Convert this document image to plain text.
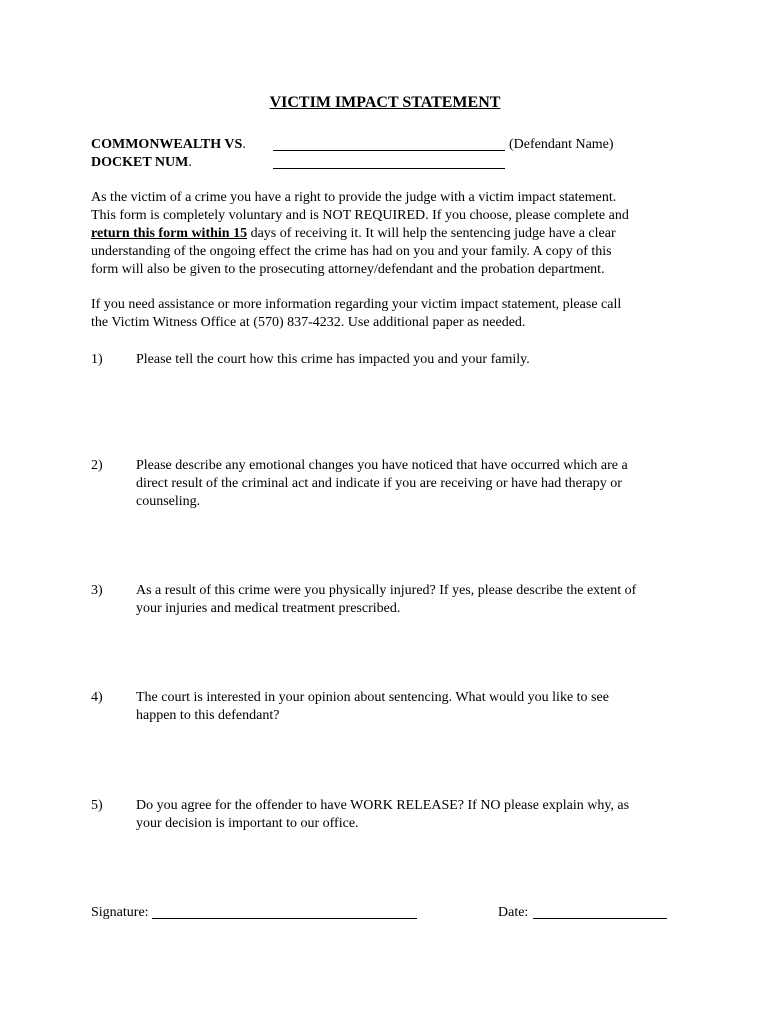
VICTIM IMPACT STATEMENT
COMMONWEALTH VS.	(Defendant Name)
DOCKET NUM.
As the victim of a crime you have a right to provide the judge with a victim impact statement.
This form is completely voluntary and is NOT REQUIRED. If you choose, please complete and
return this form within 15 days of receiving it. It will help the sentencing judge have a clear
understanding of the ongoing effect the crime has had on you and your family. A copy of this
form will also be given to the prosecuting attorney/defendant and the probation department.
If you need assistance or more information regarding your victim impact statement, please call
the Victim Witness Office at (570) 837-4232. Use additional paper as needed.
1) Please tell the court how this crime has impacted you and your family.
2) Please describe any emotional changes you have noticed that have occurred which are a
direct result of the criminal act and indicate if you are receiving or have had therapy or
counseling.
3) As a result of this crime were you physically injured? If yes, please describe the extent of
your injuries and medical treatment prescribed.
4) The court is interested in your opinion about sentencing. What would you like to see
happen to this defendant?
5) Do you agree for the offender to have WORK RELEASE? If NO please explain why, as
your decision is important to our office.
Signature:	Date:
